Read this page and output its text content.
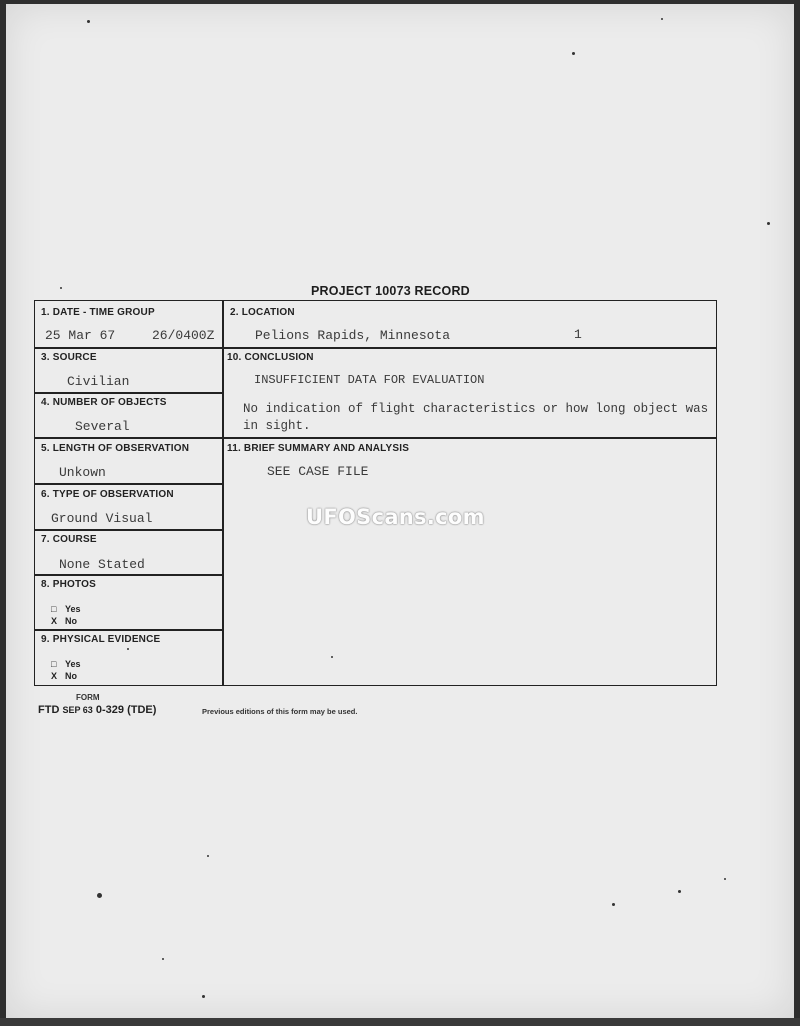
PROJECT 10073 RECORD
1. DATE - TIME GROUP
25 Mar 67	26/0400Z
2. LOCATION
Pelions Rapids, Minnesota	1
3. SOURCE
Civilian
4. NUMBER OF OBJECTS
Several
5. LENGTH OF OBSERVATION
Unkown
6. TYPE OF OBSERVATION
Ground Visual
7. COURSE
None Stated
8. PHOTOS
□ Yes
X No
9. PHYSICAL EVIDENCE
□ Yes
X No
10. CONCLUSION
INSUFFICIENT DATA FOR EVALUATION
No indication of flight characteristics or how long object was
in sight.
11. BRIEF SUMMARY AND ANALYSIS
SEE CASE FILE
UFOScans.com
FORM
FTD SEP 63 0-329 (TDE)	Previous editions of this form may be used.
